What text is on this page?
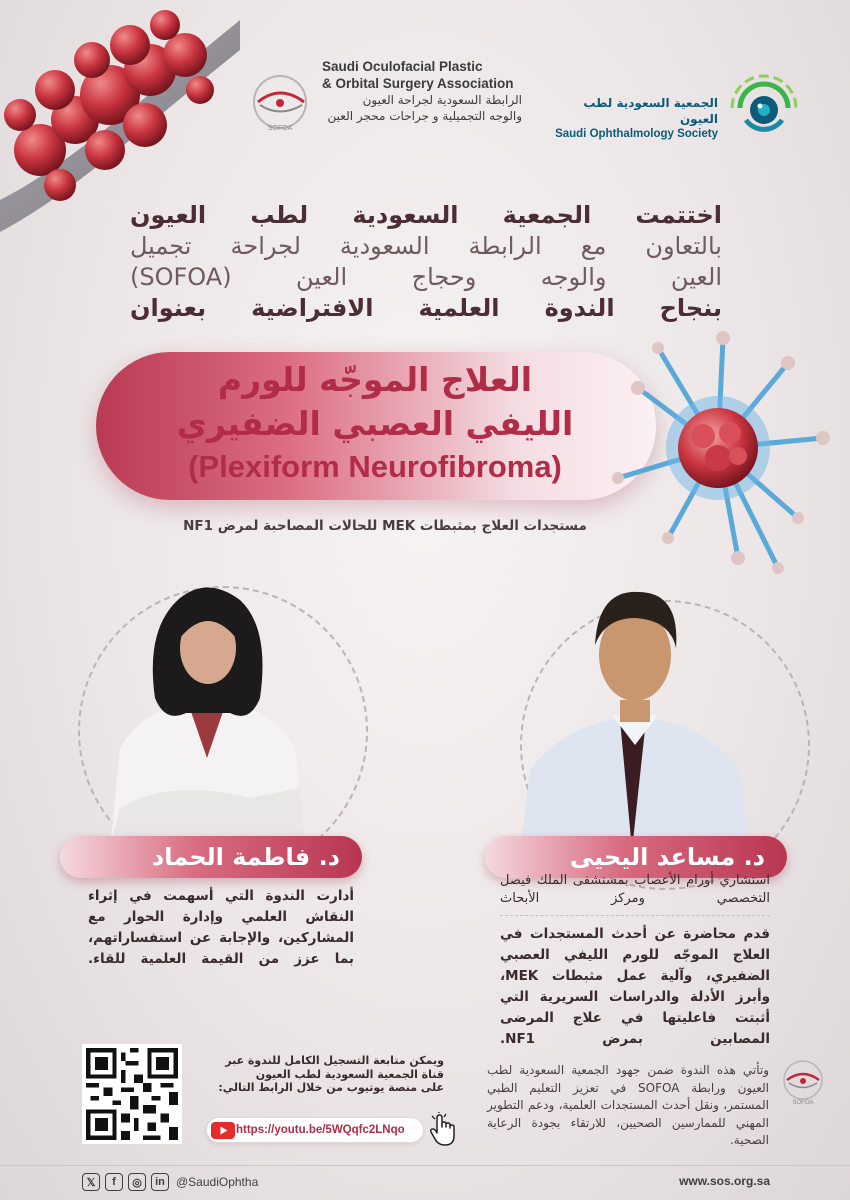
SOFOA
Saudi Oculofacial Plastic
& Orbital Surgery Association
الرابطة السعودية لجراحة العيون
والوجه التجميلية و جراحات محجر العين
الجمعية السعودية لطب العيون
Saudi Ophthalmology Society
اختتمت الجمعية السعودية لطب العيون
بالتعاون مع الرابطة السعودية لجراحة تجميل
العين والوجه وحجاج العين (SOFOA)
بنجاح الندوة العلمية الافتراضية بعنوان
العلاج الموجّه للورم
الليفي العصبي الضفيري
(Plexiform Neurofibroma)
مستجدات العلاج بمثبطات MEK للحالات المصاحبة لمرض NF1
د. فاطمة الحماد	د. مساعد اليحيى
أدارت الندوة التي أسهمت في إثراء النقاش العلمي وإدارة الحوار مع المشاركين، والإجابة عن استفساراتهم، بما عزز من القيمة العلمية للقاء.
استشاري أورام الأعصاب بمستشفى الملك فيصل التخصصي ومركز الأبحاث
قدم محاضرة عن أحدث المستجدات في العلاج الموجّه للورم الليفي العصبي الضفيري، وآلية عمل مثبطات MEK، وأبرز الأدلة والدراسات السريرية التي أثبتت فاعليتها في علاج المرضى المصابين بمرض NF1.
ويمكن متابعة التسجيل الكامل للندوة عبر
قناة الجمعية السعودية لطب العيون
على منصة يوتيوب من خلال الرابط التالي:
https://youtu.be/5WQqfc2LNqo
وتأتي هذه الندوة ضمن جهود الجمعية السعودية لطب العيون ورابطة SOFOA في تعزيز التعليم الطبي المستمر، ونقل أحدث المستجدات العلمية، ودعم التطوير المهني للممارسين الصحيين، للارتقاء بجودة الرعاية الصحية.
SOFOA
𝕏	f	◎	in @SaudiOphtha	www.sos.org.sa
